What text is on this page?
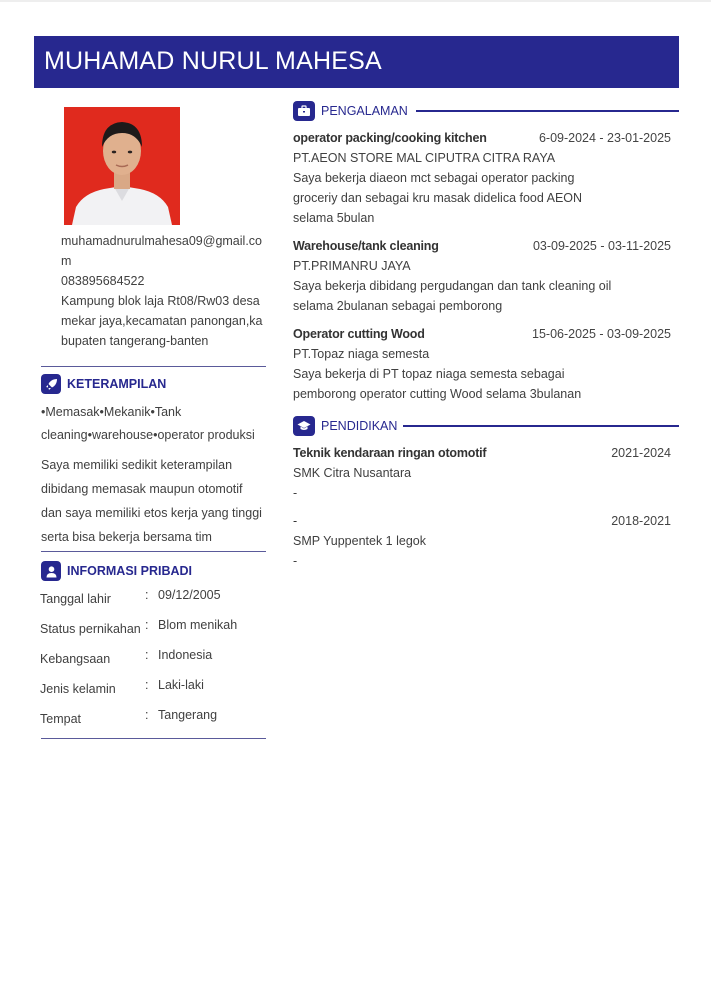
MUHAMAD NURUL MAHESA
muhamadnurulmahesa09@gmail.co
m
083895684522
Kampung blok laja Rt08/Rw03 desa
mekar jaya,kecamatan panongan,ka
bupaten tangerang-banten
KETERAMPILAN
•Memasak•Mekanik•Tank
cleaning•warehouse•operator produksi
Saya memiliki sedikit keterampilan
dibidang memasak maupun otomotif
dan saya memiliki etos kerja yang tinggi
serta bisa bekerja bersama tim
INFORMASI PRIBADI
Tanggal lahir	: 09/12/2005
Status pernikahan : Blom menikah
Kebangsaan	: Indonesia
Jenis kelamin : Laki-laki
Tempat	: Tangerang
PENGALAMAN
operator packing/cooking kitchen	6-09-2024 - 23-01-2025
PT.AEON STORE MAL CIPUTRA CITRA RAYA
Saya bekerja diaeon mct sebagai operator packing
groceriy dan sebagai kru masak didelica food AEON
selama 5bulan
Warehouse/tank cleaning	03-09-2025 - 03-11-2025
PT.PRIMANRU JAYA
Saya bekerja dibidang pergudangan dan tank cleaning oil
selama 2bulanan sebagai pemborong
Operator cutting Wood	15-06-2025 - 03-09-2025
PT.Topaz niaga semesta
Saya bekerja di PT topaz niaga semesta sebagai
pemborong operator cutting Wood selama 3bulanan
PENDIDIKAN
Teknik kendaraan ringan otomotif	2021-2024
SMK Citra Nusantara
-
-	2018-2021
SMP Yuppentek 1 legok
-
